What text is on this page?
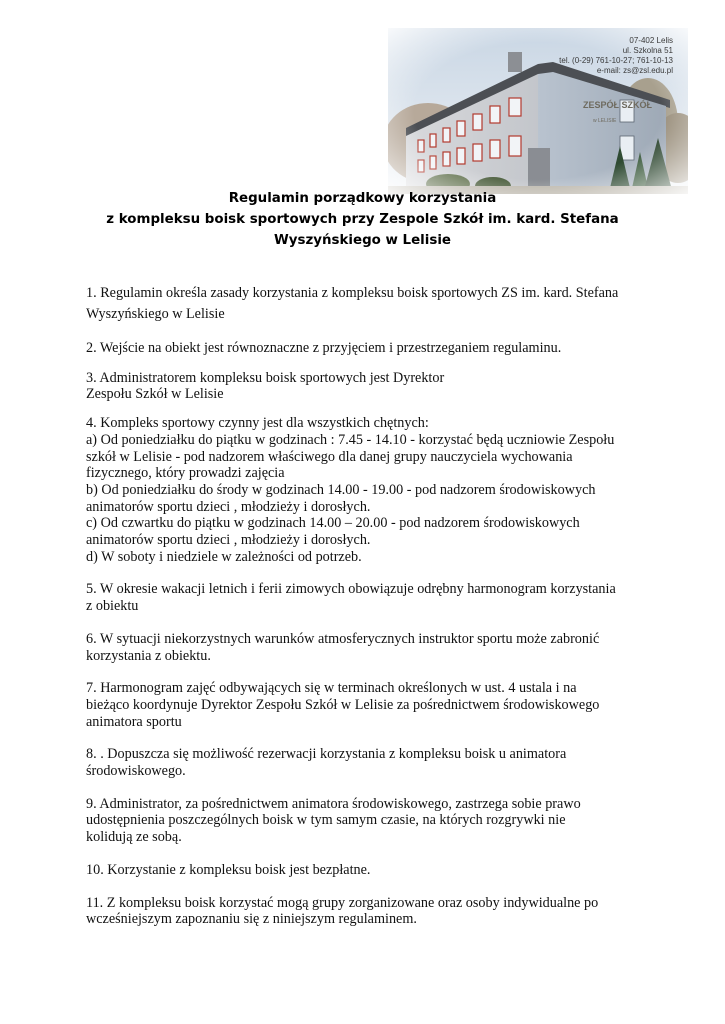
07-402 Lelis
ul. Szkolna 51
tel. (0-29) 761-10-27; 761-10-13
e-mail: zs@zsl.edu.pl
Regulamin porządkowy korzystania
z kompleksu boisk sportowych przy Zespole Szkół im. kard. Stefana
Wyszyńskiego w Lelisie
1. Regulamin określa zasady korzystania z kompleksu boisk sportowych ZS im. kard. Stefana
Wyszyńskiego w Lelisie
2. Wejście na obiekt jest równoznaczne z przyjęciem i przestrzeganiem regulaminu.
3. Administratorem kompleksu boisk sportowych jest Dyrektor
Zespołu Szkół w Lelisie
4. Kompleks sportowy czynny jest dla wszystkich chętnych:
a) Od poniedziałku do piątku w godzinach : 7.45 - 14.10 - korzystać będą uczniowie Zespołu
szkół w Lelisie - pod nadzorem właściwego dla danej grupy nauczyciela wychowania
fizycznego, który prowadzi zajęcia
b) Od poniedziałku do środy w godzinach 14.00 - 19.00 - pod nadzorem środowiskowych
animatorów sportu dzieci , młodzieży i dorosłych.
c) Od czwartku do piątku w godzinach 14.00 – 20.00 - pod nadzorem środowiskowych
animatorów sportu dzieci , młodzieży i dorosłych.
d) W soboty i niedziele w zależności od potrzeb.
5. W okresie wakacji letnich i ferii zimowych obowiązuje odrębny harmonogram korzystania
z obiektu
6. W sytuacji niekorzystnych warunków atmosferycznych instruktor sportu może zabronić
korzystania z obiektu.
7. Harmonogram zajęć odbywających się w terminach określonych w ust. 4 ustala i na
bieżąco koordynuje Dyrektor Zespołu Szkół w Lelisie za pośrednictwem środowiskowego
animatora sportu
8. . Dopuszcza się możliwość rezerwacji korzystania z kompleksu boisk u animatora
środowiskowego.
9. Administrator, za pośrednictwem animatora środowiskowego, zastrzega sobie prawo
udostępnienia poszczególnych boisk w tym samym czasie, na których rozgrywki nie
kolidują ze sobą.
10. Korzystanie z kompleksu boisk jest bezpłatne.
11. Z kompleksu boisk korzystać mogą grupy zorganizowane oraz osoby indywidualne po
wcześniejszym zapoznaniu się z niniejszym regulaminem.
